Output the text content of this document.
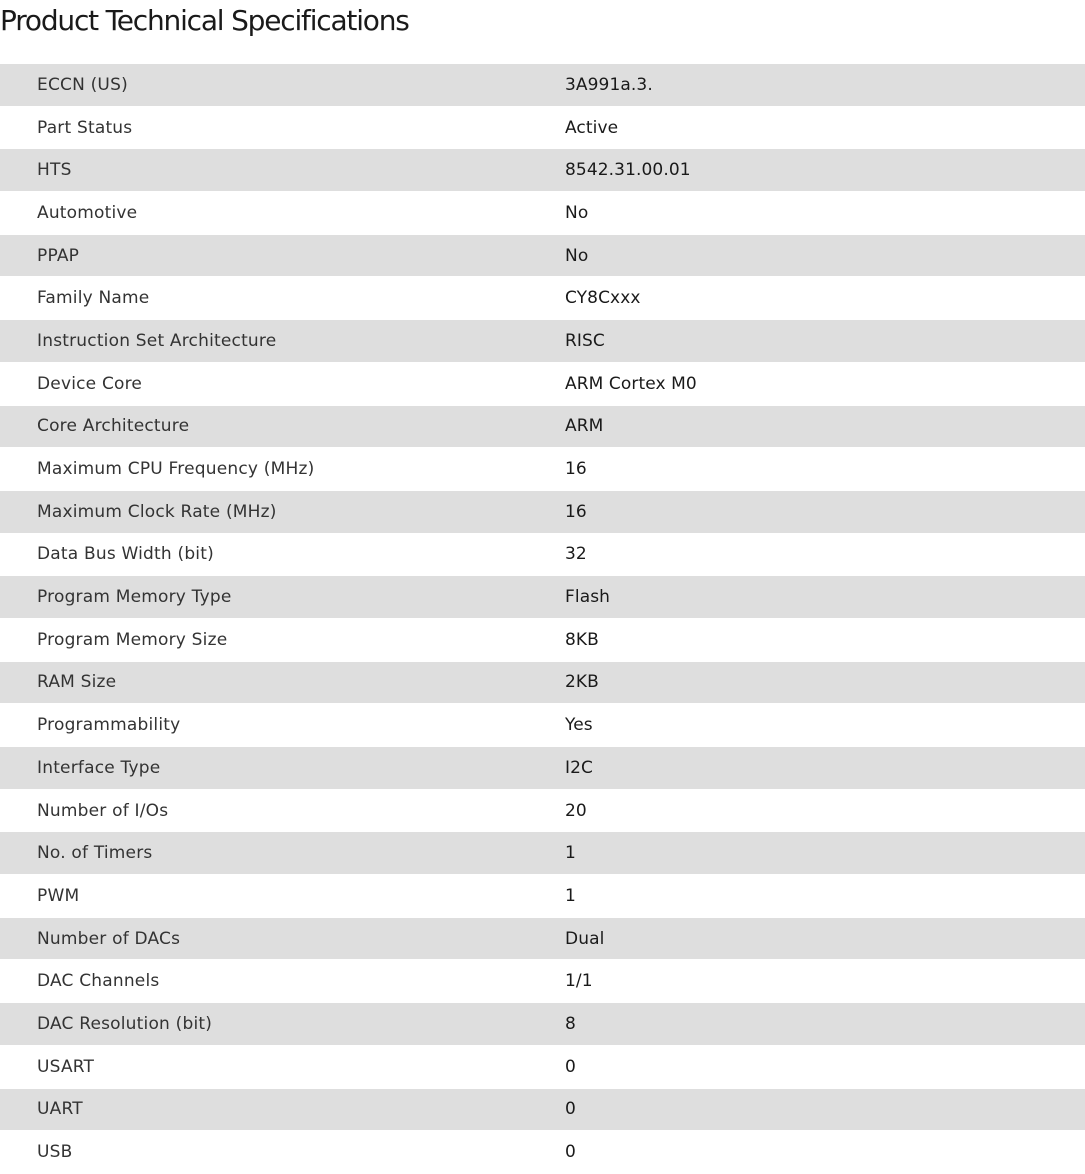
Product Technical Specifications
ECCN (US)	3A991a.3.
Part Status	Active
HTS	8542.31.00.01
Automotive	No
PPAP	No
Family Name	CY8Cxxx
Instruction Set Architecture	RISC
Device Core	ARM Cortex M0
Core Architecture	ARM
Maximum CPU Frequency (MHz)	16
Maximum Clock Rate (MHz)	16
Data Bus Width (bit)	32
Program Memory Type	Flash
Program Memory Size	8KB
RAM Size	2KB
Programmability	Yes
Interface Type	I2C
Number of I/Os	20
No. of Timers	1
PWM	1
Number of DACs	Dual
DAC Channels	1/1
DAC Resolution (bit)	8
USART	0
UART	0
USB	0
